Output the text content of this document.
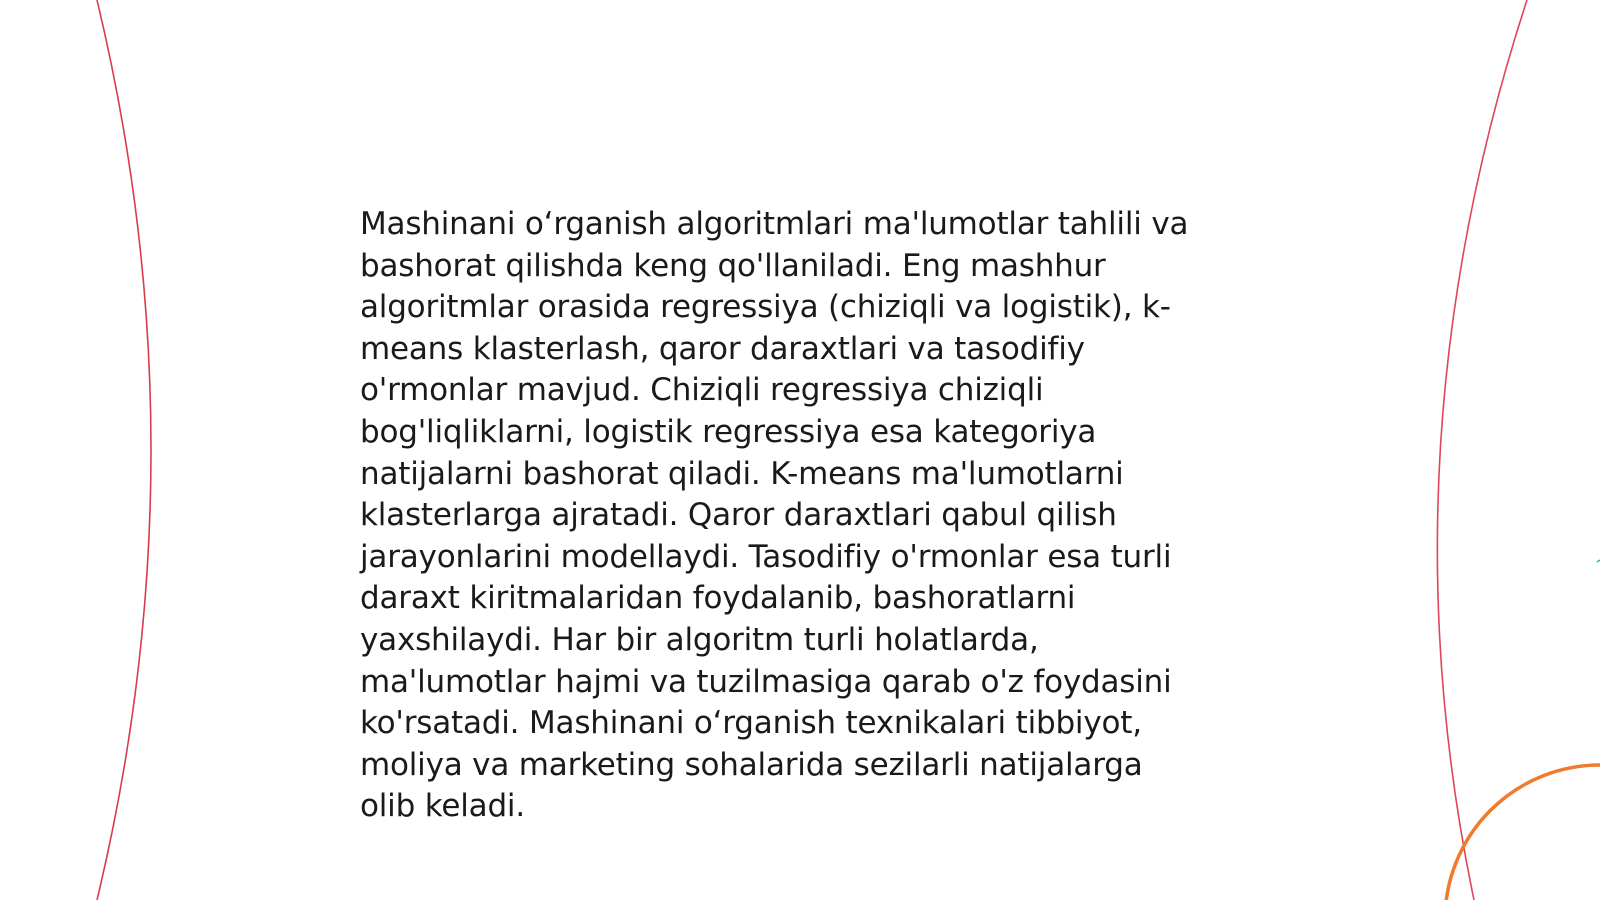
Mashinani o‘rganish algoritmlari ma'lumotlar tahlili va
bashorat qilishda keng qo'llaniladi. Eng mashhur
algoritmlar orasida regressiya (chiziqli va logistik), k-
means klasterlash, qaror daraxtlari va tasodifiy
o'rmonlar mavjud. Chiziqli regressiya chiziqli
bog'liqliklarni, logistik regressiya esa kategoriya
natijalarni bashorat qiladi. K-means ma'lumotlarni
klasterlarga ajratadi. Qaror daraxtlari qabul qilish
jarayonlarini modellaydi. Tasodifiy o'rmonlar esa turli
daraxt kiritmalaridan foydalanib, bashoratlarni
yaxshilaydi. Har bir algoritm turli holatlarda,
ma'lumotlar hajmi va tuzilmasiga qarab o'z foydasini
ko'rsatadi. Mashinani o‘rganish texnikalari tibbiyot,
moliya va marketing sohalarida sezilarli natijalarga
olib keladi.
